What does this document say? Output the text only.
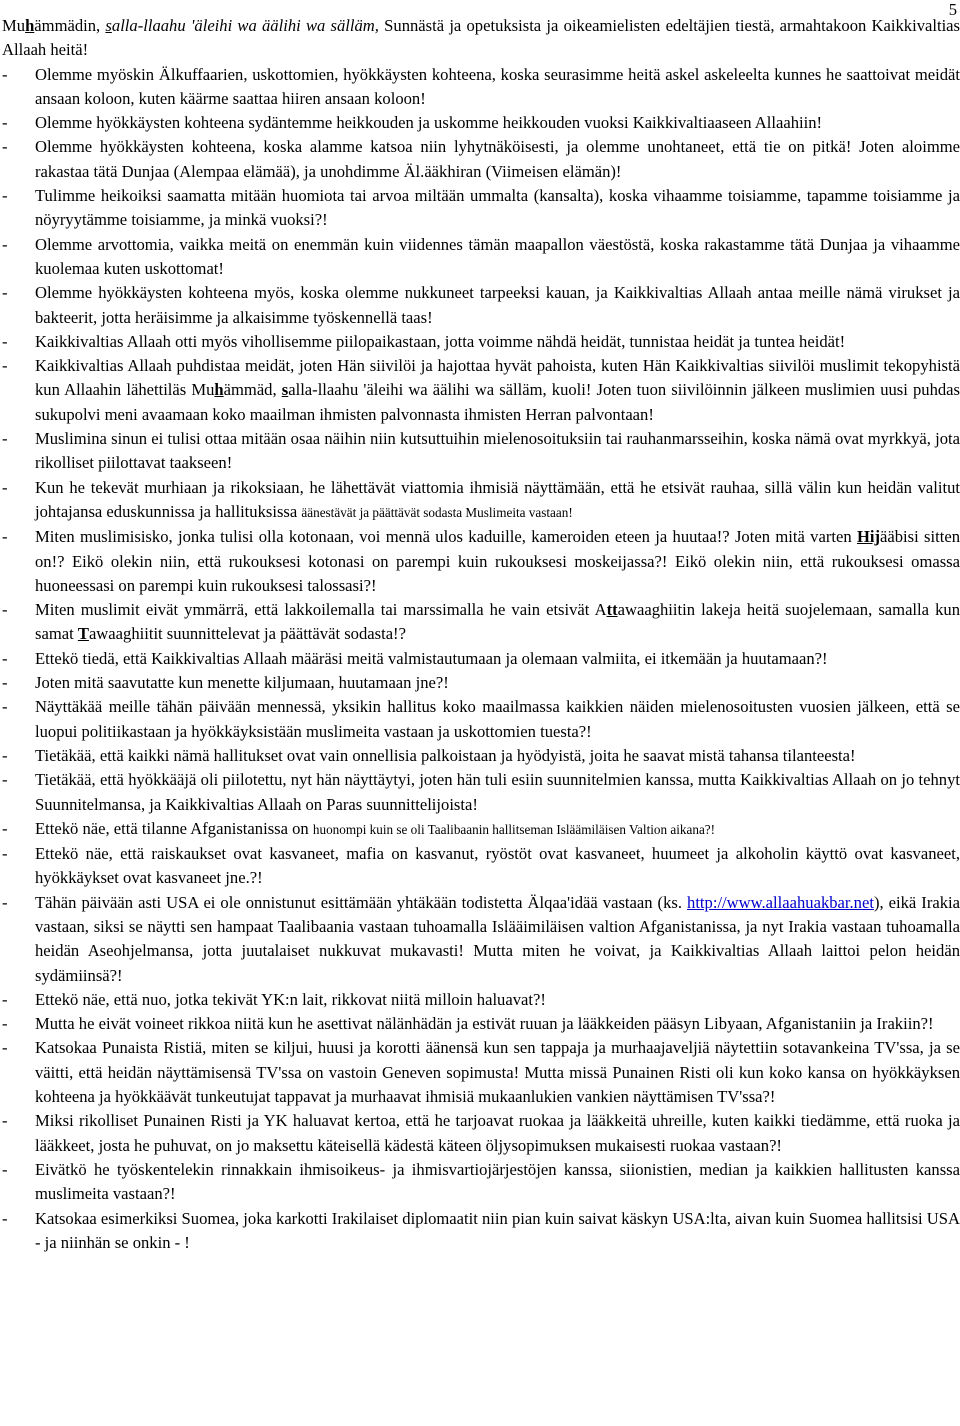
5
Muhämmädin, salla-llaahu 'äleihi wa äälihi wa sälläm, Sunnästä ja opetuksista ja oikeamielisten edeltäjien tiestä, armahtakoon Kaikkivaltias Allaah heitä!
-	Olemme myöskin Älkuffaarien, uskottomien, hyökkäysten kohteena, koska seurasimme heitä askel askeleelta kunnes he saattoivat meidät ansaan koloon, kuten käärme saattaa hiiren ansaan koloon!
-	Olemme hyökkäysten kohteena sydäntemme heikkouden ja uskomme heikkouden vuoksi Kaikkivaltiaaseen Allaahiin!
-	Olemme hyökkäysten kohteena, koska alamme katsoa niin lyhytnäköisesti, ja olemme unohtaneet, että tie on pitkä! Joten aloimme rakastaa tätä Dunjaa (Alempaa elämää), ja unohdimme Äl.ääkhiran (Viimeisen elämän)!
-	Tulimme heikoiksi saamatta mitään huomiota tai arvoa miltään ummalta (kansalta), koska vihaamme toisiamme, tapamme toisiamme ja nöyryytämme toisiamme, ja minkä vuoksi?!
-	Olemme arvottomia, vaikka meitä on enemmän kuin viidennes tämän maapallon väestöstä, koska rakastamme tätä Dunjaa ja vihaamme kuolemaa kuten uskottomat!
-	Olemme hyökkäysten kohteena myös, koska olemme nukkuneet tarpeeksi kauan, ja Kaikkivaltias Allaah antaa meille nämä virukset ja bakteerit, jotta heräisimme ja alkaisimme työskennellä taas!
-	Kaikkivaltias Allaah otti myös vihollisemme piilopaikastaan, jotta voimme nähdä heidät, tunnistaa heidät ja tuntea heidät!
-	Kaikkivaltias Allaah puhdistaa meidät, joten Hän siivilöi ja hajottaa hyvät pahoista, kuten Hän Kaikkivaltias siivilöi muslimit tekopyhistä kun Allaahin lähettiläs Muhämmäd, salla-llaahu 'äleihi wa äälihi wa sälläm, kuoli! Joten tuon siivilöinnin jälkeen muslimien uusi puhdas sukupolvi meni avaamaan koko maailman ihmisten palvonnasta ihmisten Herran palvontaan!
-	Muslimina sinun ei tulisi ottaa mitään osaa näihin niin kutsuttuihin mielenosoituksiin tai rauhanmarsseihin, koska nämä ovat myrkkyä, jota rikolliset piilottavat taakseen!
-	Kun he tekevät murhiaan ja rikoksiaan, he lähettävät viattomia ihmisiä näyttämään, että he etsivät rauhaa, sillä välin kun heidän valitut johtajansa eduskunnissa ja hallituksissa äänestävät ja päättävät sodasta Muslimeita vastaan!
-	Miten muslimisisko, jonka tulisi olla kotonaan, voi mennä ulos kaduille, kameroiden eteen ja huutaa!? Joten mitä varten Hijääbisi sitten on!? Eikö olekin niin, että rukouksesi kotonasi on parempi kuin rukouksesi moskeijassa?! Eikö olekin niin, että rukouksesi omassa huoneessasi on parempi kuin rukouksesi talossasi?!
-	Miten muslimit eivät ymmärrä, että lakkoilemalla tai marssimalla he vain etsivät Attawaaghiitin lakeja heitä suojelemaan, samalla kun samat Tawaaghiitit suunnittelevat ja päättävät sodasta!?
-	Ettekö tiedä, että Kaikkivaltias Allaah määräsi meitä valmistautumaan ja olemaan valmiita, ei itkemään ja huutamaan?!
-	Joten mitä saavutatte kun menette kiljumaan, huutamaan jne?!
-	Näyttäkää meille tähän päivään mennessä, yksikin hallitus koko maailmassa kaikkien näiden mielenosoitusten vuosien jälkeen, että se luopui politiikastaan ja hyökkäyksistään muslimeita vastaan ja uskottomien tuesta?!
-	Tietäkää, että kaikki nämä hallitukset ovat vain onnellisia palkoistaan ja hyödyistä, joita he saavat mistä tahansa tilanteesta!
-	Tietäkää, että hyökkääjä oli piilotettu, nyt hän näyttäytyi, joten hän tuli esiin suunnitelmien kanssa, mutta Kaikkivaltias Allaah on jo tehnyt Suunnitelmansa, ja Kaikkivaltias Allaah on Paras suunnittelijoista!
-	Ettekö näe, että tilanne Afganistanissa on huonompi kuin se oli Taalibaanin hallitseman Isläämiläisen Valtion aikana?!
-	Ettekö näe, että raiskaukset ovat kasvaneet, mafia on kasvanut, ryöstöt ovat kasvaneet, huumeet ja alkoholin käyttö ovat kasvaneet, hyökkäykset ovat kasvaneet jne.?!
-	Tähän päivään asti USA ei ole onnistunut esittämään yhtäkään todistetta Älqaa'idää vastaan (ks. http://www.allaahuakbar.net), eikä Irakia vastaan, siksi se näytti sen hampaat Taalibaania vastaan tuhoamalla Islääimiläisen valtion Afganistanissa, ja nyt Irakia vastaan tuhoamalla heidän Aseohjelmansa, jotta juutalaiset nukkuvat mukavasti! Mutta miten he voivat, ja Kaikkivaltias Allaah laittoi pelon heidän sydämiinsä?!
-	Ettekö näe, että nuo, jotka tekivät YK:n lait, rikkovat niitä milloin haluavat?!
-	Mutta he eivät voineet rikkoa niitä kun he asettivat nälänhädän ja estivät ruuan ja lääkkeiden pääsyn Libyaan, Afganistaniin ja Irakiin?!
-	Katsokaa Punaista Ristiä, miten se kiljui, huusi ja korotti äänensä kun sen tappaja ja murhaajaveljiä näytettiin sotavankeina TV'ssa, ja se väitti, että heidän näyttämisensä TV'ssa on vastoin Geneven sopimusta! Mutta missä Punainen Risti oli kun koko kansa on hyökkäyksen kohteena ja hyökkäävät tunkeutujat tappavat ja murhaavat ihmisiä mukaanlukien vankien näyttämisen TV'ssa?!
-	Miksi rikolliset Punainen Risti ja YK haluavat kertoa, että he tarjoavat ruokaa ja lääkkeitä uhreille, kuten kaikki tiedämme, että ruoka ja lääkkeet, josta he puhuvat, on jo maksettu käteisellä kädestä käteen öljysopimuksen mukaisesti ruokaa vastaan?!
-	Eivätkö he työskentelekin rinnakkain ihmisoikeus- ja ihmisvartiojärjestöjen kanssa, siionistien, median ja kaikkien hallitusten kanssa muslimeita vastaan?!
-	Katsokaa esimerkiksi Suomea, joka karkotti Irakilaiset diplomaatit niin pian kuin saivat käskyn USA:lta, aivan kuin Suomea hallitsisi USA - ja niinhän se onkin - !
